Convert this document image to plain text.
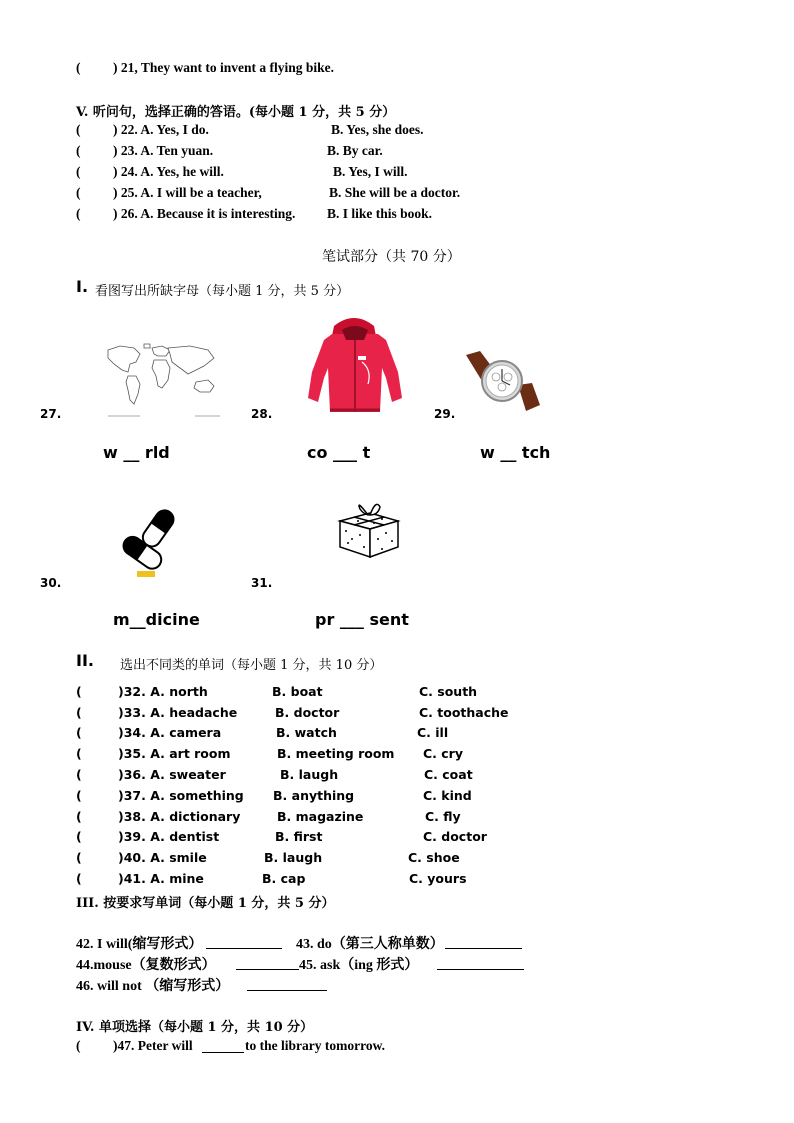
( ) 21, They want to invent a flying bike.
V. 听问句，选择正确的答语。(每小题 1 分，共 5 分）
( ) 22. A. Yes, I do.	B. Yes, she does.
( ) 23. A. Ten yuan.	B. By car.
( ) 24. A. Yes, he will.	B. Yes, I will.
( ) 25. A. I will be a teacher,	B. She will be a doctor.
( ) 26. A. Because it is interesting. B. I like this book.
笔试部分（共 70 分）
I. 看图写出所缺字母（每小题 1 分，共 5 分）
27.
w __ rld
28.
co ___ t
29.
w __ tch
30.
m__dicine
31.
pr ___ sent
II. 选出不同类的单词（每小题 1 分，共 10 分）
(	)32. A. north	B. boat	C. south
(	)33. A. headache	B. doctor	C. toothache
(	)34. A. camera	B. watch	C. ill
(	)35. A. art room	B. meeting room C. cry
(	)36. A. sweater	B. laugh	C. coat
(	)37. A. something B. anything	C. kind
(	)38. A. dictionary	B. magazine	C. fly
(	)39. A. dentist	B. first	C. doctor
(	)40. A. smile	B. laugh	C. shoe
(	)41. A. mine	B. cap	C. yours
III. 按要求写单词（每小题 1 分，共 5 分）
42. I will(缩写形式）	43. do（第三人称单数）
44.mouse（复数形式）	45. ask（ing 形式）
46. will not （缩写形式）
IV. 单项选择（每小题 1 分，共 10 分）
( )47. Peter will	to the library tomorrow.
